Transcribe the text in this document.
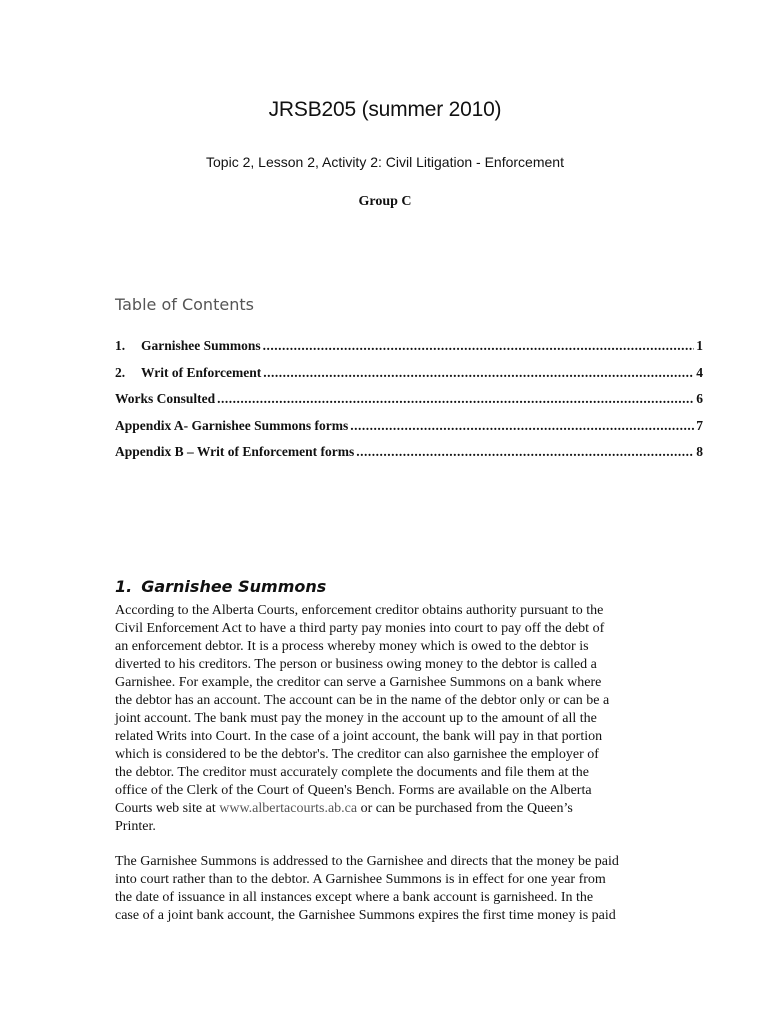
JRSB205 (summer 2010)
Topic 2, Lesson 2, Activity 2: Civil Litigation - Enforcement
Group C
Table of Contents
1.	Garnishee Summons .....	1
2.	Writ of Enforcement .....	4
Works Consulted .....	6
Appendix A- Garnishee Summons forms .....	7
Appendix B – Writ of Enforcement forms .....	8
1. Garnishee Summons
According to the Alberta Courts, enforcement creditor obtains authority pursuant to the
Civil Enforcement Act to have a third party pay monies into court to pay off the debt of
an enforcement debtor. It is a process whereby money which is owed to the debtor is
diverted to his creditors. The person or business owing money to the debtor is called a
Garnishee. For example, the creditor can serve a Garnishee Summons on a bank where
the debtor has an account. The account can be in the name of the debtor only or can be a
joint account. The bank must pay the money in the account up to the amount of all the
related Writs into Court. In the case of a joint account, the bank will pay in that portion
which is considered to be the debtor's. The creditor can also garnishee the employer of
the debtor. The creditor must accurately complete the documents and file them at the
office of the Clerk of the Court of Queen's Bench. Forms are available on the Alberta
Courts web site at www.albertacourts.ab.ca or can be purchased from the Queen’s
Printer.
The Garnishee Summons is addressed to the Garnishee and directs that the money be paid
into court rather than to the debtor. A Garnishee Summons is in effect for one year from
the date of issuance in all instances except where a bank account is garnisheed. In the
case of a joint bank account, the Garnishee Summons expires the first time money is paid
